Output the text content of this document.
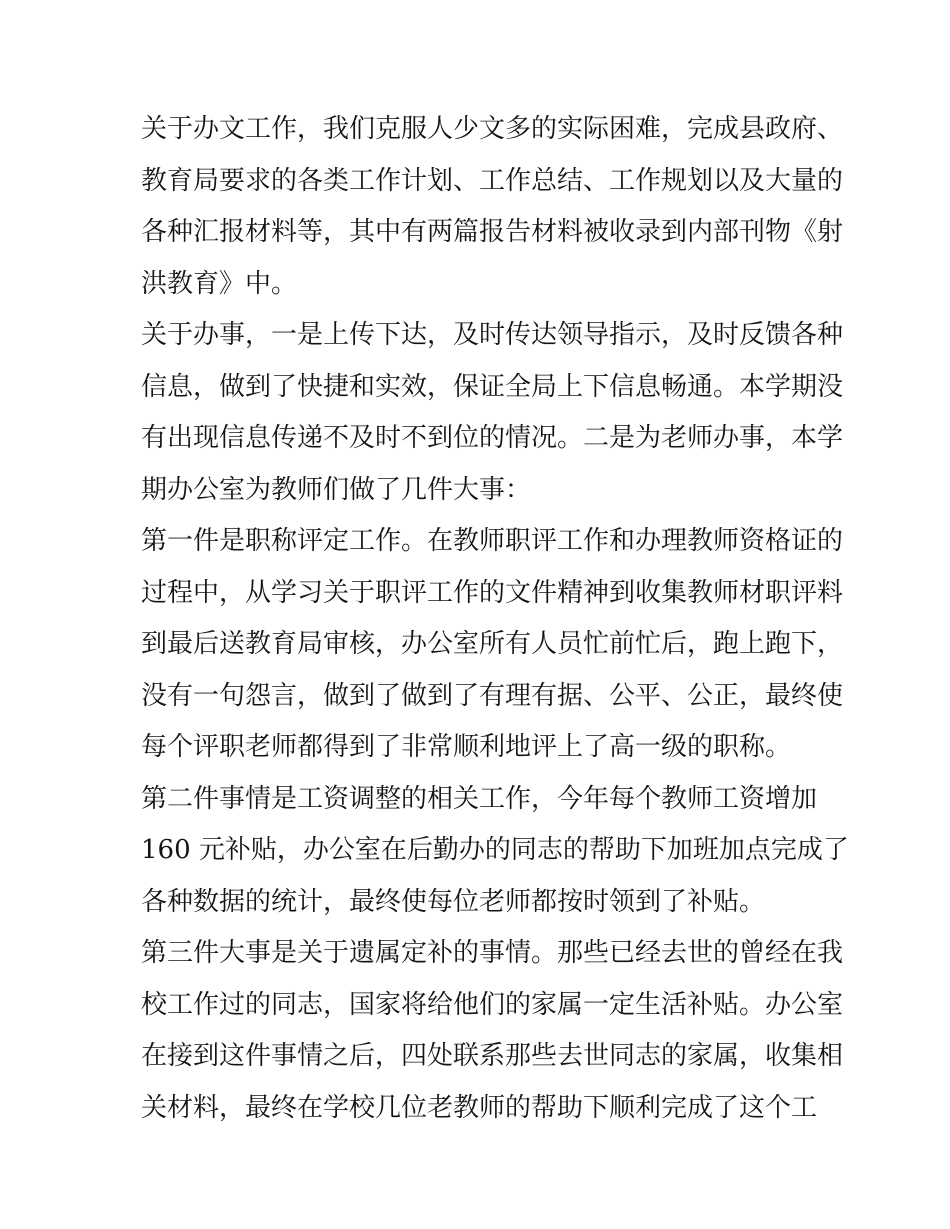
关于办文工作，我们克服人少文多的实际困难，完成县政府、
教育局要求的各类工作计划、工作总结、工作规划以及大量的
各种汇报材料等，其中有两篇报告材料被收录到内部刊物《射
洪教育》中。
关于办事，一是上传下达，及时传达领导指示，及时反馈各种
信息，做到了快捷和实效，保证全局上下信息畅通。本学期没
有出现信息传递不及时不到位的情况。二是为老师办事，本学
期办公室为教师们做了几件大事：
第一件是职称评定工作。在教师职评工作和办理教师资格证的
过程中，从学习关于职评工作的文件精神到收集教师材职评料
到最后送教育局审核，办公室所有人员忙前忙后，跑上跑下，
没有一句怨言，做到了做到了有理有据、公平、公正，最终使
每个评职老师都得到了非常顺利地评上了高一级的职称。
第二件事情是工资调整的相关工作，今年每个教师工资增加
160 元补贴，办公室在后勤办的同志的帮助下加班加点完成了
各种数据的统计，最终使每位老师都按时领到了补贴。
第三件大事是关于遗属定补的事情。那些已经去世的曾经在我
校工作过的同志，国家将给他们的家属一定生活补贴。办公室
在接到这件事情之后，四处联系那些去世同志的家属，收集相
关材料，最终在学校几位老教师的帮助下顺利完成了这个工
